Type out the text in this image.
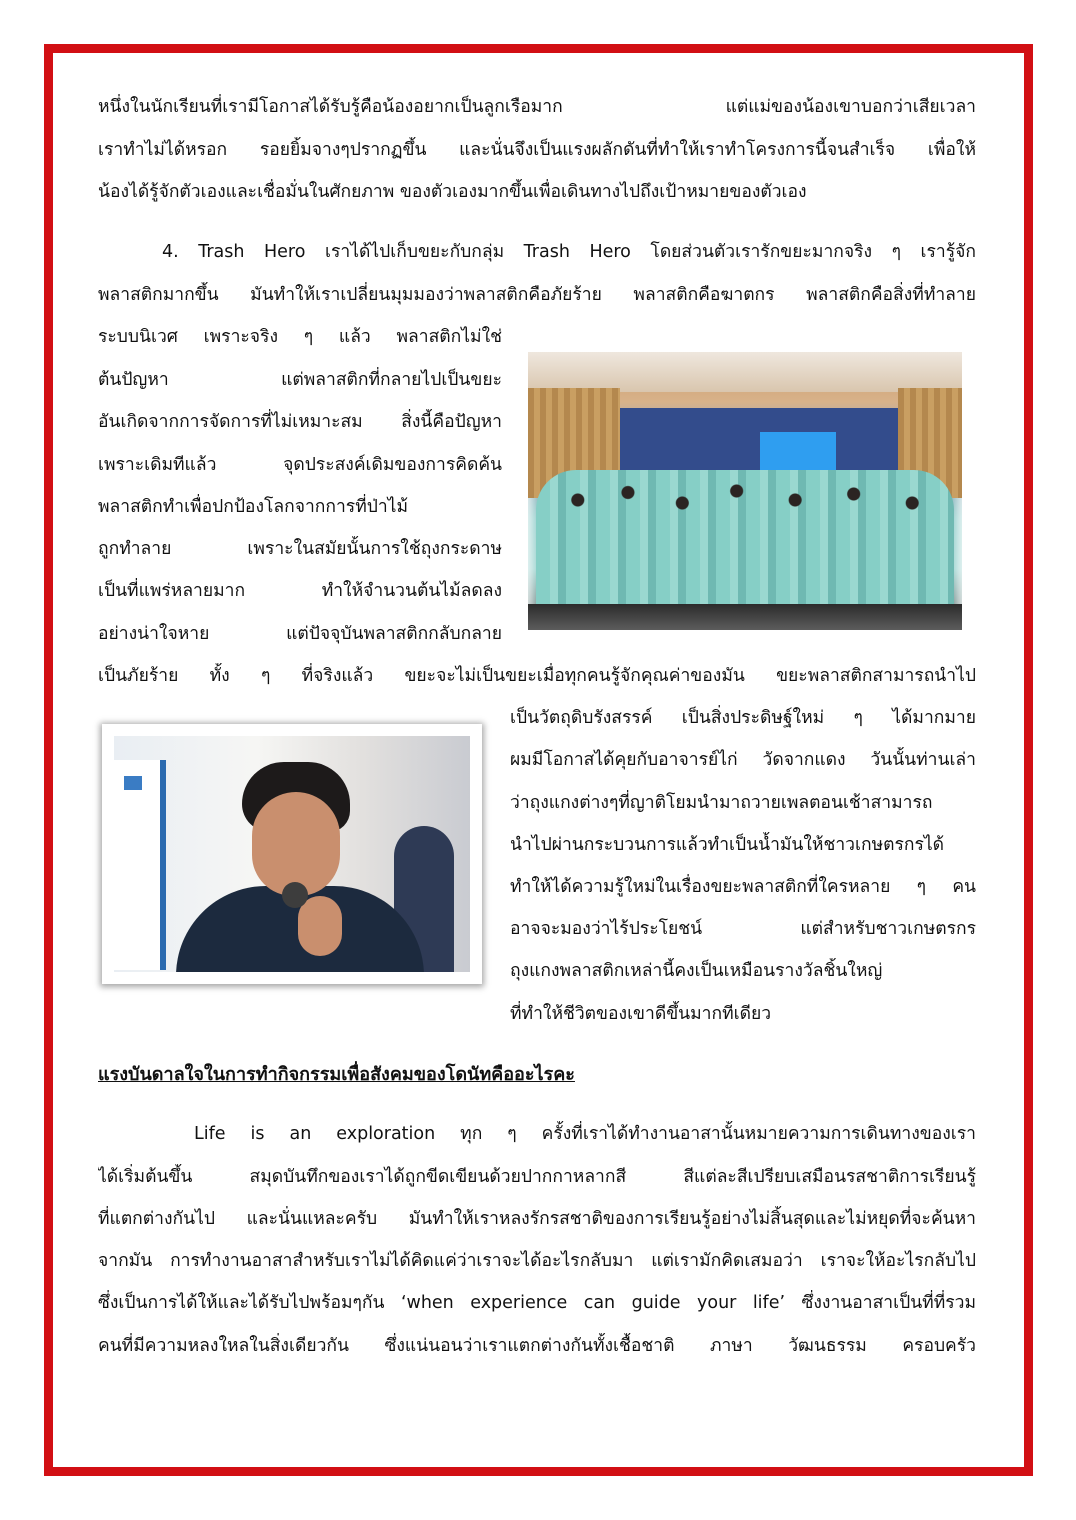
หนึ่งในนักเรียนที่เรามีโอกาสได้รับรู้คือน้องอยากเป็นลูกเรือมาก แต่แม่ของน้องเขาบอกว่าเสียเวลา
เราทำไม่ได้หรอก รอยยิ้มจางๆปรากฏขึ้น และนั่นจึงเป็นแรงผลักดันที่ทำให้เราทำโครงการนี้จนสำเร็จ เพื่อให้
น้องได้รู้จักตัวเองและเชื่อมั่นในศักยภาพ ของตัวเองมากขึ้นเพื่อเดินทางไปถึงเป้าหมายของตัวเอง
4. Trash Hero เราได้ไปเก็บขยะกับกลุ่ม Trash Hero โดยส่วนตัวเรารักขยะมากจริง ๆ เรารู้จัก
พลาสติกมากขึ้น มันทำให้เราเปลี่ยนมุมมองว่าพลาสติกคือภัยร้าย พลาสติกคือฆาตกร พลาสติกคือสิ่งที่ทำลาย
ระบบนิเวศ เพราะจริง ๆ แล้ว พลาสติกไม่ใช่
ต้นปัญหา แต่พลาสติกที่กลายไปเป็นขยะ
อันเกิดจากการจัดการที่ไม่เหมาะสม สิ่งนี้คือปัญหา
เพราะเดิมทีแล้ว จุดประสงค์เดิมของการคิดค้น
พลาสติกทำเพื่อปกป้องโลกจากการที่ป่าไม้
ถูกทำลาย เพราะในสมัยนั้นการใช้ถุงกระดาษ
เป็นที่แพร่หลายมาก ทำให้จำนวนต้นไม้ลดลง
อย่างน่าใจหาย แต่ปัจจุบันพลาสติกกลับกลาย
เป็นภัยร้าย ทั้ง ๆ ที่จริงแล้ว ขยะจะไม่เป็นขยะเมื่อทุกคนรู้จักคุณค่าของมัน ขยะพลาสติกสามารถนำไป
เป็นวัตถุดิบรังสรรค์ เป็นสิ่งประดิษฐ์ใหม่ ๆ ได้มากมาย
ผมมีโอกาสได้คุยกับอาจารย์ไก่ วัดจากแดง วันนั้นท่านเล่า
ว่าถุงแกงต่างๆที่ญาติโยมนำมาถวายเพลตอนเช้าสามารถ
นำไปผ่านกระบวนการแล้วทำเป็นน้ำมันให้ชาวเกษตรกรได้
ทำให้ได้ความรู้ใหม่ในเรื่องขยะพลาสติกที่ใครหลาย ๆ คน
อาจจะมองว่าไร้ประโยชน์ แต่สำหรับชาวเกษตรกร
ถุงแกงพลาสติกเหล่านี้คงเป็นเหมือนรางวัลชิ้นใหญ่
ที่ทำให้ชีวิตของเขาดีขึ้นมากทีเดียว
แรงบันดาลใจในการทำกิจกรรมเพื่อสังคมของโดนัทคืออะไรคะ
Life is an exploration ทุก ๆ ครั้งที่เราได้ทำงานอาสานั้นหมายความการเดินทางของเรา
ได้เริ่มต้นขึ้น สมุดบันทึกของเราได้ถูกขีดเขียนด้วยปากกาหลากสี สีแต่ละสีเปรียบเสมือนรสชาติการเรียนรู้
ที่แตกต่างกันไป และนั่นแหละครับ มันทำให้เราหลงรักรสชาติของการเรียนรู้อย่างไม่สิ้นสุดและไม่หยุดที่จะค้นหา
จากมัน การทำงานอาสาสำหรับเราไม่ได้คิดแค่ว่าเราจะได้อะไรกลับมา แต่เรามักคิดเสมอว่า เราจะให้อะไรกลับไป
ซึ่งเป็นการได้ให้และได้รับไปพร้อมๆกัน ‘when experience can guide your life’ ซึ่งงานอาสาเป็นที่ที่รวม
คนที่มีความหลงใหลในสิ่งเดียวกัน ซึ่งแน่นอนว่าเราแตกต่างกันทั้งเชื้อชาติ ภาษา วัฒนธรรม ครอบครัว
